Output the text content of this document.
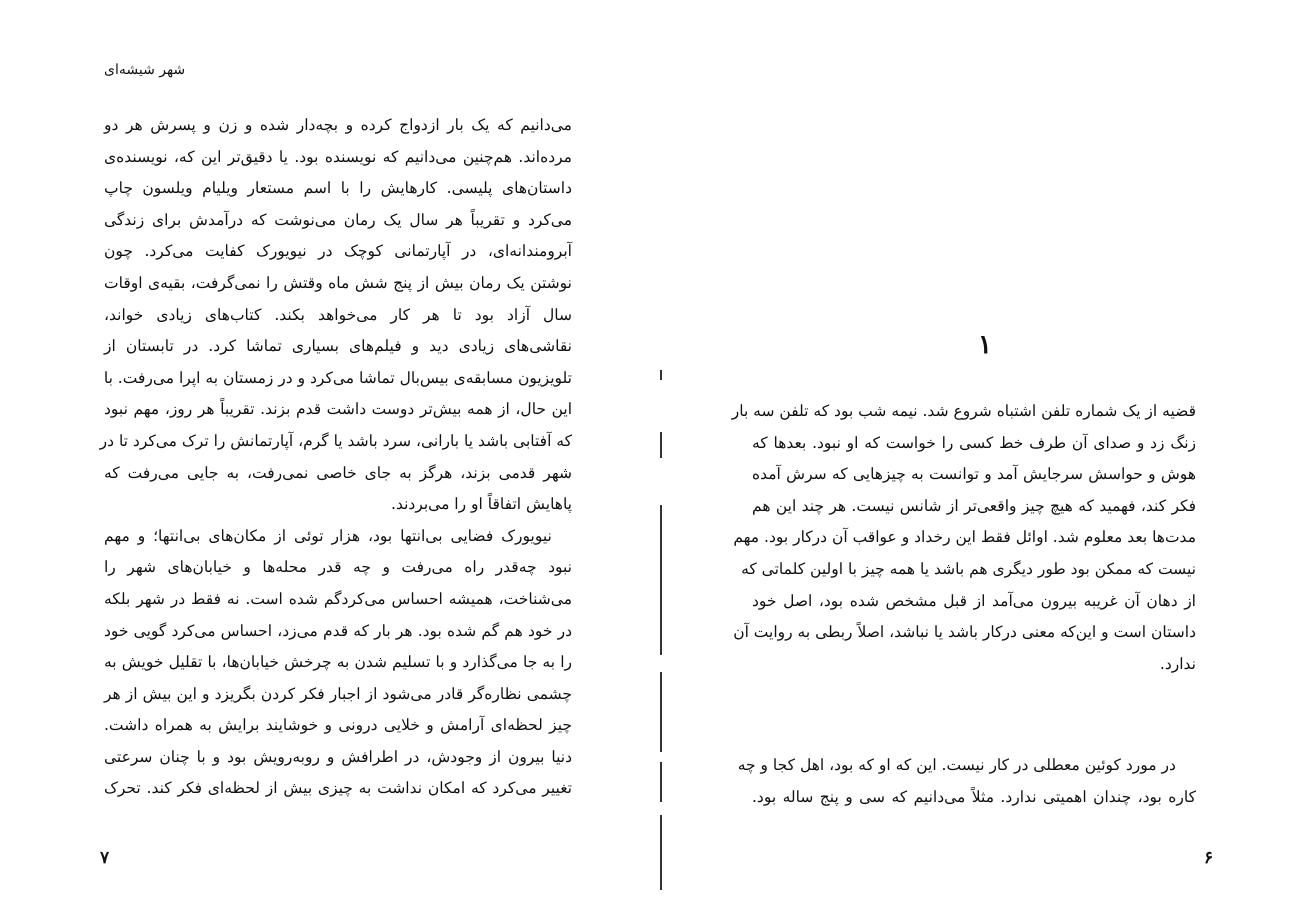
شهر شیشه‌ای

می‌دانیم که یک بار ازدواج کرده و بچه‌دار شده و زن و پسرش هر دو
مرده‌اند. هم‌چنین می‌دانیم که نویسنده بود. یا دقیق‌تر این که، نویسنده‌ی
داستان‌های پلیسی. کارهایش را با اسم مستعار ویلیام ویلسون چاپ
می‌کرد و تقریباً هر سال یک رمان می‌نوشت که درآمدش برای زندگی
آبرومندانه‌ای، در آپارتمانی کوچک در نیویورک کفایت می‌کرد. چون
نوشتن یک رمان بیش از پنج شش ماه وقتش را نمی‌گرفت، بقیه‌ی اوقات
سال آزاد بود تا هر کار می‌خواهد بکند. کتاب‌های زیادی خواند،
نقاشی‌های زیادی دید و فیلم‌های بسیاری تماشا کرد. در تابستان از
تلویزیون مسابقه‌ی بیس‌بال تماشا می‌کرد و در زمستان به اپرا می‌رفت. با
این حال، از همه بیش‌تر دوست داشت قدم بزند. تقریباً هر روز، مهم نبود
که آفتابی باشد یا بارانی، سرد باشد یا گرم، آپارتمانش را ترک می‌کرد تا در
شهر قدمی بزند، هرگز به جای خاصی نمی‌رفت، به جایی می‌رفت که
پاهایش اتفاقاً او را می‌بردند.

نیویورک فضایی بی‌انتها بود، هزار توئی از مکان‌های بی‌انتها؛ و مهم
نبود چه‌قدر راه می‌رفت و چه قدر محله‌ها و خیابان‌های شهر را
می‌شناخت، همیشه احساس می‌کردگم شده است. نه فقط در شهر بلکه
در خود هم گم شده بود. هر بار که قدم می‌زد، احساس می‌کرد گویی خود
را به جا می‌گذارد و با تسلیم شدن به چرخش خیابان‌ها، با تقلیل خویش به
چشمی نظاره‌گر قادر می‌شود از اجبار فکر کردن بگریزد و این بیش از هر
چیز لحظه‌ای آرامش و خلایی درونی و خوشایند برایش به همراه داشت.
دنیا بیرون از وجودش، در اطرافش و روبه‌رویش بود و با چنان سرعتی
تغییر می‌کرد که امکان نداشت به چیزی بیش از لحظه‌ای فکر کند. تحرک

۷
۱

قضیه از یک شماره تلفن اشتباه شروع شد. نیمه شب بود که تلفن سه بار
زنگ زد و صدای آن طرف خط کسی را خواست که او نبود. بعدها که
هوش و حواسش سرجایش آمد و توانست به چیزهایی که سرش آمده
فکر کند، فهمید که هیچ چیز واقعی‌تر از شانس نیست. هر چند این هم
مدت‌ها بعد معلوم شد. اوائل فقط این رخداد و عواقب آن درکار بود. مهم
نیست که ممکن بود طور دیگری هم باشد یا همه چیز با اولین کلماتی که
از دهان آن غریبه بیرون می‌آمد از قبل مشخص شده بود، اصل خود
داستان است و این‌که معنی درکار باشد یا نباشد، اصلاً ربطی به روایت آن
ندارد.

در مورد کوئین معطلی در کار نیست. این که او که بود، اهل کجا و چه
کاره بود، چندان اهمیتی ندارد. مثلاً می‌دانیم که سی و پنج ساله بود.

۶
